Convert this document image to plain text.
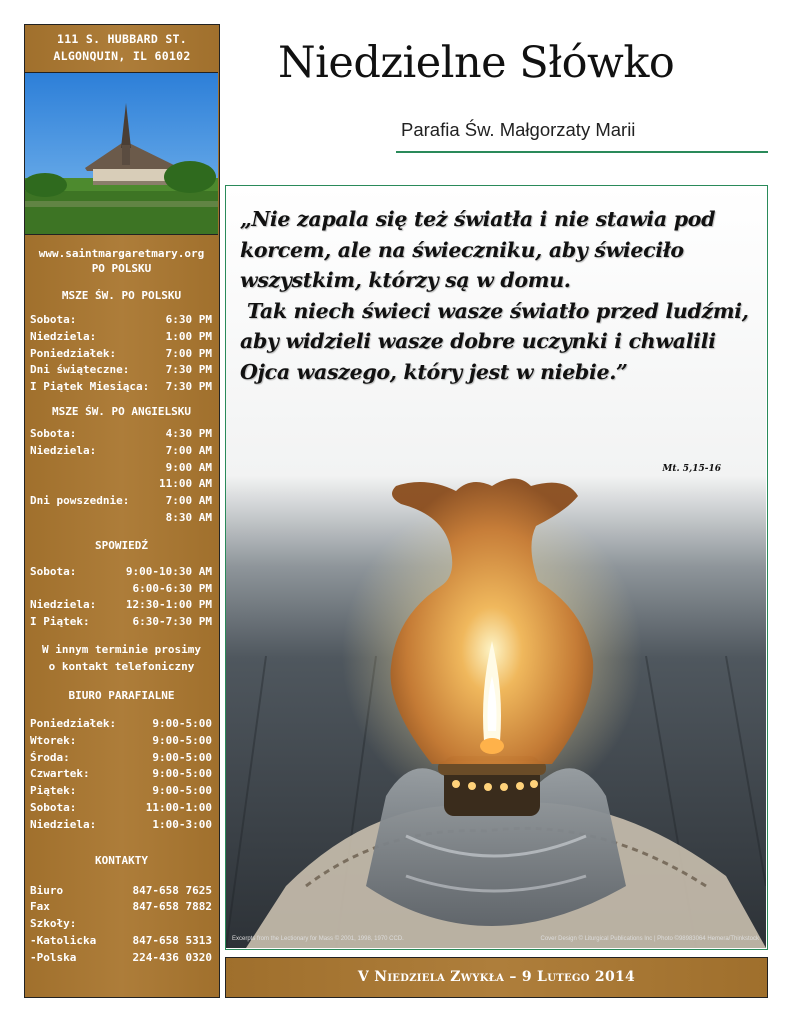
111 S. HUBBARD ST.
ALGONQUIN, IL 60102
www.saintmargaretmary.org
PO POLSKU
MSZE ŚW. PO POLSKU
Sobota:	6:30 PM
Niedziela:	1:00 PM
Poniedziałek:	7:00 PM
Dni świąteczne:	7:30 PM
I Piątek Miesiąca: 7:30 PM
MSZE ŚW. PO ANGIELSKU
Sobota:	4:30 PM
Niedziela:	7:00 AM
9:00 AM
11:00 AM
Dni powszednie:	7:00 AM
8:30 AM
SPOWIEDŹ
Sobota:	9:00-10:30 AM
6:00-6:30 PM
Niedziela:	12:30-1:00 PM
I Piątek:	6:30-7:30 PM
W innym terminie prosimy
o kontakt telefoniczny
BIURO PARAFIALNE
Poniedziałek:	9:00-5:00
Wtorek:	9:00-5:00
Środa:	9:00-5:00
Czwartek:	9:00-5:00
Piątek:	9:00-5:00
Sobota:	11:00-1:00
Niedziela:	1:00-3:00
KONTAKTY
Biuro	847-658 7625
Fax	847-658 7882
Szkoły:
-Katolicka	847-658 5313
-Polska	224-436 0320
Niedzielne Słówko
Parafia Św. Małgorzaty Marii
„Nie zapala się też światła i nie stawia pod
korcem, ale na świeczniku, aby świeciło
wszystkim, którzy są w domu.
Tak niech świeci wasze światło przed ludźmi,
aby widzieli wasze dobre uczynki i chwalili
Ojca waszego, który jest w niebie.”
Mt. 5,15-16
Excerpts from the Lectionary for Mass © 2001, 1998, 1970 CCD.	Cover Design © Liturgical Publications Inc | Photo ©98983064 Hemera/Thinkstock
V Niedziela Zwykła – 9 Lutego 2014
